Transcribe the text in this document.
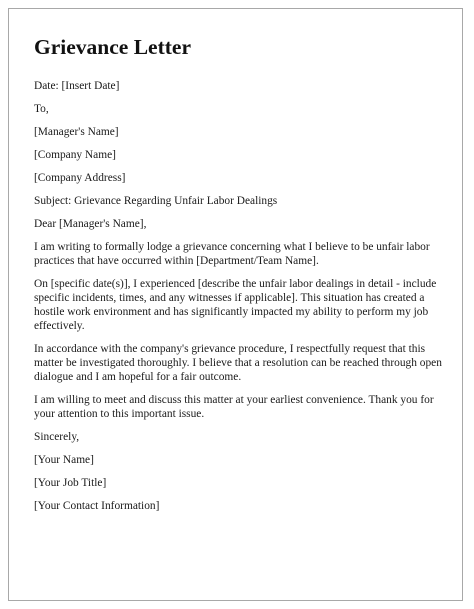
Grievance Letter

Date: [Insert Date]

To,

[Manager's Name]

[Company Name]

[Company Address]

Subject: Grievance Regarding Unfair Labor Dealings

Dear [Manager's Name],

I am writing to formally lodge a grievance concerning what I believe to be unfair labor practices that have occurred within [Department/Team Name].

On [specific date(s)], I experienced [describe the unfair labor dealings in detail - include specific incidents, times, and any witnesses if applicable]. This situation has created a hostile work environment and has significantly impacted my ability to perform my job effectively.

In accordance with the company's grievance procedure, I respectfully request that this matter be investigated thoroughly. I believe that a resolution can be reached through open dialogue and I am hopeful for a fair outcome.

I am willing to meet and discuss this matter at your earliest convenience. Thank you for your attention to this important issue.

Sincerely,

[Your Name]

[Your Job Title]

[Your Contact Information]
